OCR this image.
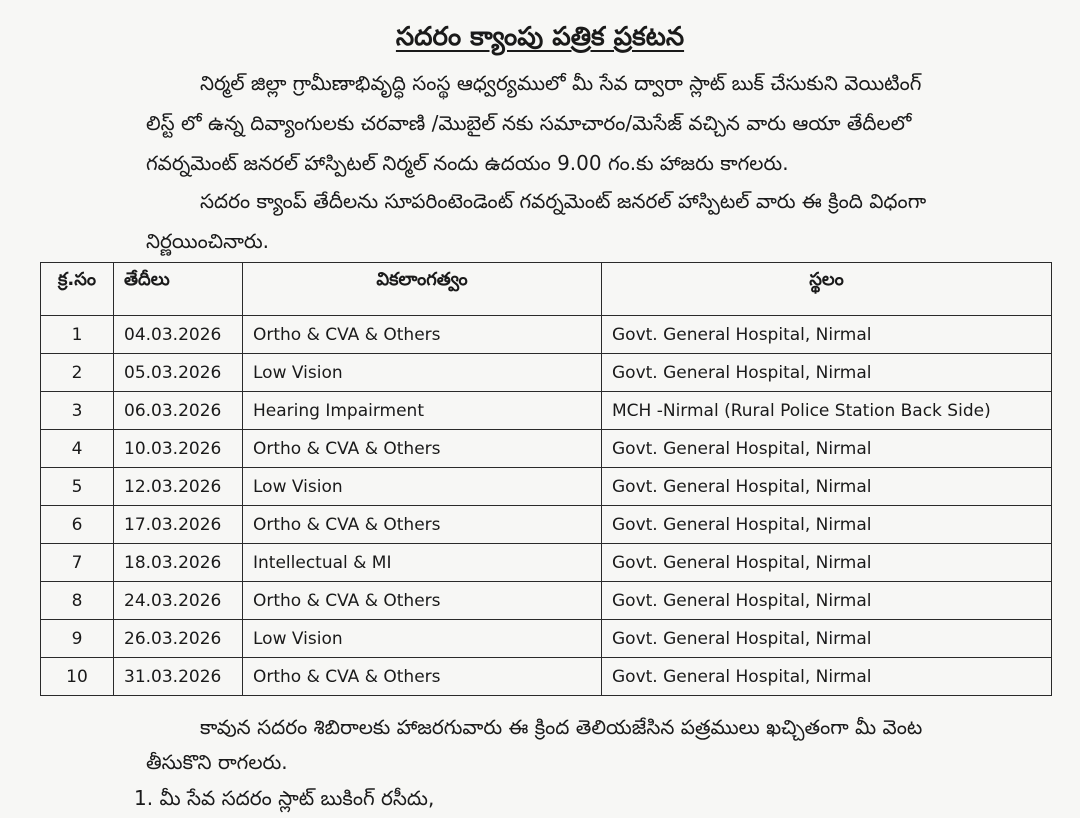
సదరం క్యాంపు పత్రిక ప్రకటన
నిర్మల్ జిల్లా గ్రామీణాభివృద్ధి సంస్థ ఆధ్వర్యములో మీ సేవ ద్వారా స్లాట్ బుక్ చేసుకుని వెయిటింగ్
లిస్ట్ లో ఉన్న దివ్యాంగులకు చరవాణి /మొబైల్ నకు సమాచారం/మెసేజ్ వచ్చిన వారు ఆయా తేదీలలో
గవర్నమెంట్ జనరల్ హాస్పిటల్ నిర్మల్ నందు ఉదయం 9.00 గం.కు హాజరు కాగలరు.
సదరం క్యాంప్ తేదీలను సూపరింటెండెంట్ గవర్నమెంట్ జనరల్ హాస్పిటల్ వారు ఈ క్రింది విధంగా
నిర్ణయించినారు.
క్ర.సం	తేదీలు	వికలాంగత్వం	స్థలం
1	04.03.2026	Ortho & CVA & Others	Govt. General Hospital, Nirmal
2	05.03.2026	Low Vision	Govt. General Hospital, Nirmal
3	06.03.2026	Hearing Impairment	MCH -Nirmal (Rural Police Station Back Side)
4	10.03.2026	Ortho & CVA & Others	Govt. General Hospital, Nirmal
5	12.03.2026	Low Vision	Govt. General Hospital, Nirmal
6	17.03.2026	Ortho & CVA & Others	Govt. General Hospital, Nirmal
7	18.03.2026	Intellectual & MI	Govt. General Hospital, Nirmal
8	24.03.2026	Ortho & CVA & Others	Govt. General Hospital, Nirmal
9	26.03.2026	Low Vision	Govt. General Hospital, Nirmal
10	31.03.2026	Ortho & CVA & Others	Govt. General Hospital, Nirmal
కావున సదరం శిబిరాలకు హాజరగువారు ఈ క్రింద తెలియజేసిన పత్రములు ఖచ్చితంగా మీ వెంట
తీసుకొని రాగలరు.
1. మీ సేవ సదరం స్లాట్ బుకింగ్ రసీదు,
